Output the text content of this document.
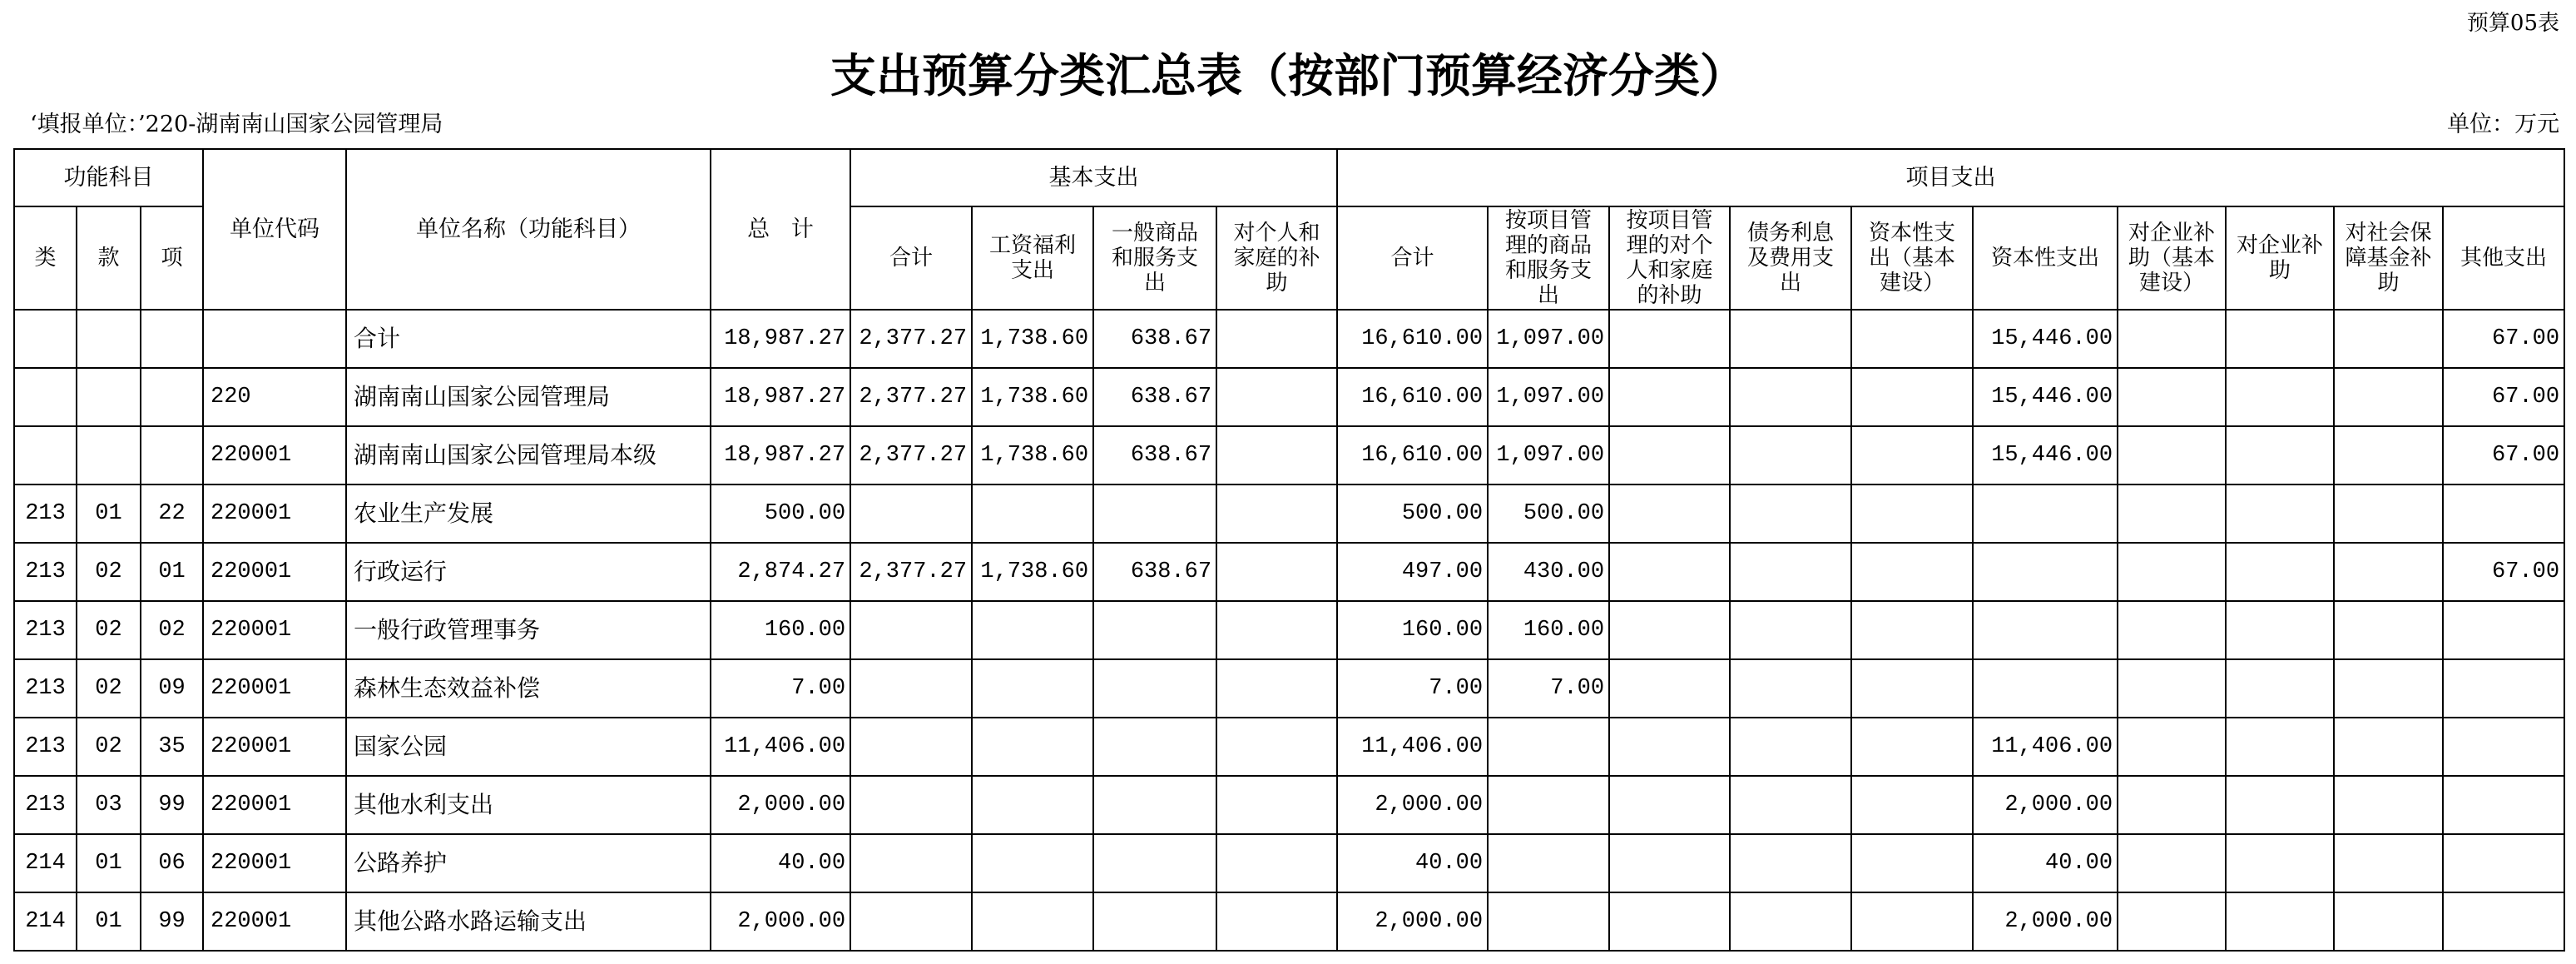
预算05表
支出预算分类汇总表（按部门预算经济分类）
‘填报单位：’220-湖南南山国家公园管理局	单位：万元
功能科目			单位代码	单位名称（功能科目）	总   计	基本支出				项目支出									
类	款	项				合计	工资福利支出	一般商品和服务支出	对个人和家庭的补助	合计	按项目管理的商品和服务支出	按项目管理的对个人和家庭的补助	债务利息及费用支出	资本性支出（基本建设）	资本性支出	对企业补助（基本建设）	对企业补助	对社会保障基金补助	其他支出

				合计	18,987.27	2,377.27	1,738.60	638.67		16,610.00	1,097.00				15,446.00				67.00
			220	湖南南山国家公园管理局	18,987.27	2,377.27	1,738.60	638.67		16,610.00	1,097.00				15,446.00				67.00
			220001	湖南南山国家公园管理局本级	18,987.27	2,377.27	1,738.60	638.67		16,610.00	1,097.00				15,446.00				67.00
213	01	22	220001	农业生产发展	500.00					500.00	500.00								
213	02	01	220001	行政运行	2,874.27	2,377.27	1,738.60	638.67		497.00	430.00								67.00
213	02	02	220001	一般行政管理事务	160.00					160.00	160.00								
213	02	09	220001	森林生态效益补偿	7.00					7.00	7.00								
213	02	35	220001	国家公园	11,406.00					11,406.00					11,406.00				
213	03	99	220001	其他水利支出	2,000.00					2,000.00					2,000.00				
214	01	06	220001	公路养护	40.00					40.00					40.00				
214	01	99	220001	其他公路水路运输支出	2,000.00					2,000.00					2,000.00				
